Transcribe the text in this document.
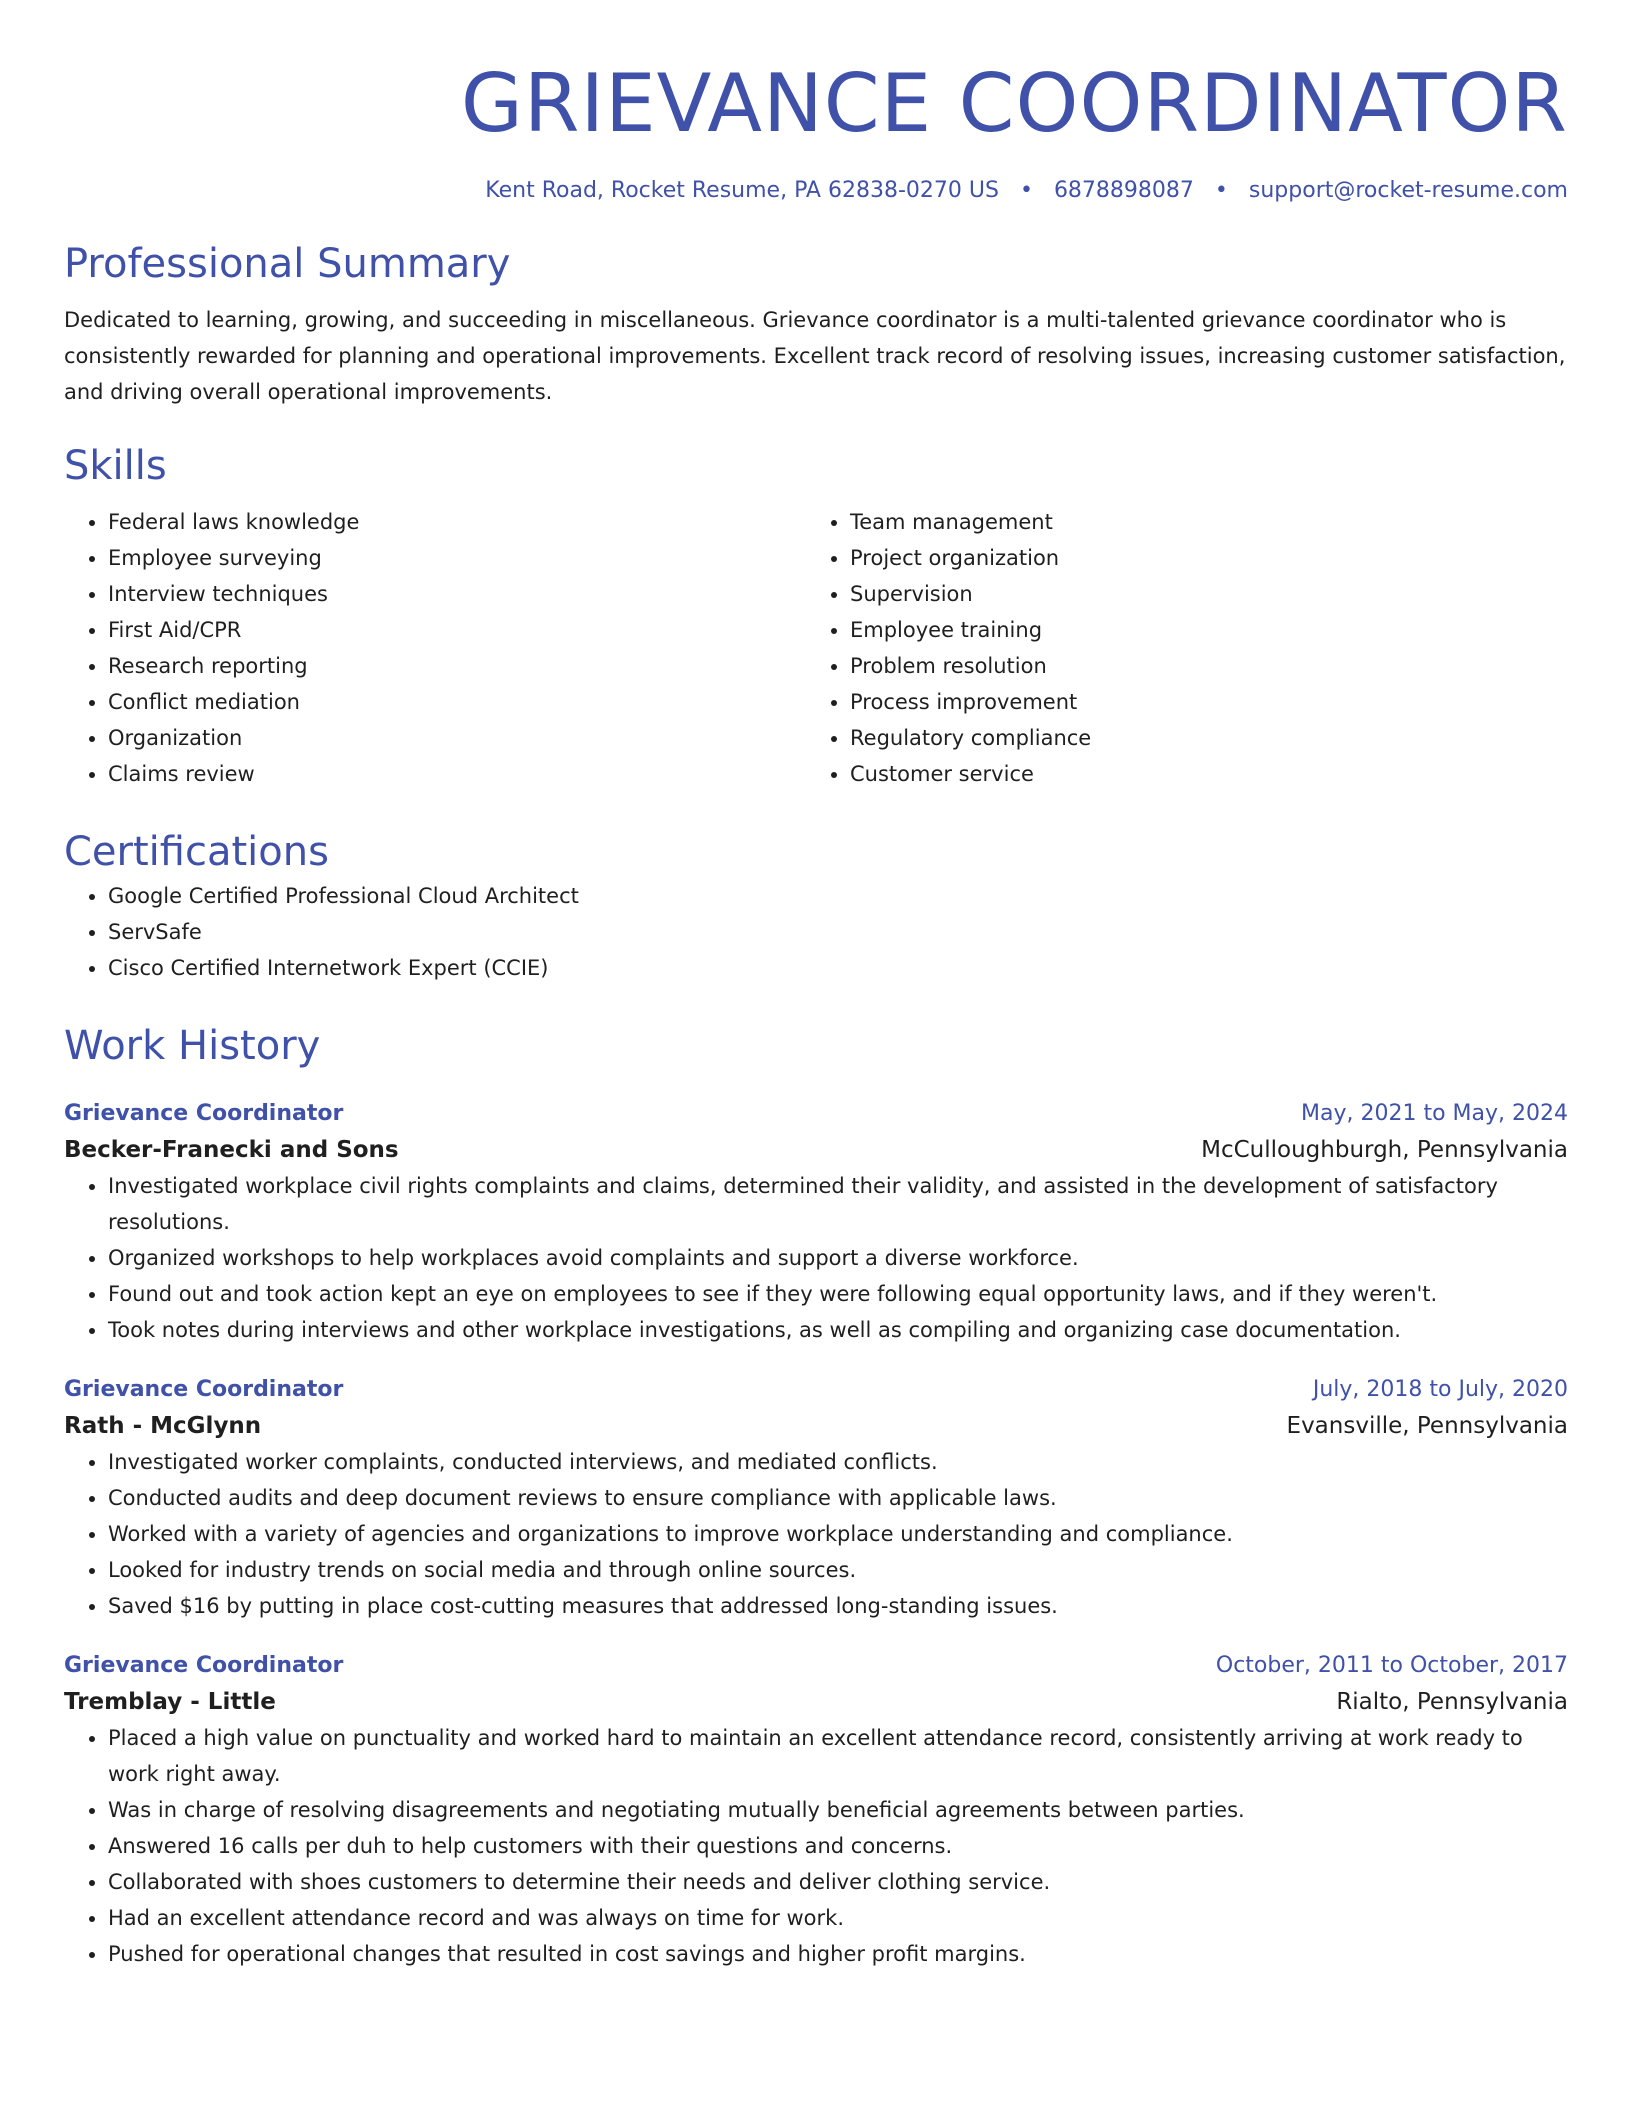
GRIEVANCE COORDINATOR
Kent Road, Rocket Resume, PA 62838-0270 US • 6878898087 • support@rocket-resume.com
Professional Summary

Dedicated to learning, growing, and succeeding in miscellaneous. Grievance coordinator is a multi-talented grievance coordinator who is consistently rewarded for planning and operational improvements. Excellent track record of resolving issues, increasing customer satisfaction, and driving overall operational improvements.

Skills
• Federal laws knowledge
• Employee surveying
• Interview techniques
• First Aid/CPR
• Research reporting
• Conflict mediation
• Organization
• Claims review
• Team management
• Project organization
• Supervision
• Employee training
• Problem resolution
• Process improvement
• Regulatory compliance
• Customer service
Certifications
• Google Certified Professional Cloud Architect
• ServSafe
• Cisco Certified Internetwork Expert (CCIE)
Work History
Grievance Coordinator	May, 2021 to May, 2024
Becker-Franecki and Sons	McCulloughburgh, Pennsylvania
• Investigated workplace civil rights complaints and claims, determined their validity, and assisted in the development of satisfactory resolutions.
• Organized workshops to help workplaces avoid complaints and support a diverse workforce.
• Found out and took action kept an eye on employees to see if they were following equal opportunity laws, and if they weren't.
• Took notes during interviews and other workplace investigations, as well as compiling and organizing case documentation.
Grievance Coordinator	July, 2018 to July, 2020
Rath - McGlynn	Evansville, Pennsylvania
• Investigated worker complaints, conducted interviews, and mediated conflicts.
• Conducted audits and deep document reviews to ensure compliance with applicable laws.
• Worked with a variety of agencies and organizations to improve workplace understanding and compliance.
• Looked for industry trends on social media and through online sources.
• Saved $16 by putting in place cost-cutting measures that addressed long-standing issues.
Grievance Coordinator	October, 2011 to October, 2017
Tremblay - Little	Rialto, Pennsylvania
• Placed a high value on punctuality and worked hard to maintain an excellent attendance record, consistently arriving at work ready to work right away.
• Was in charge of resolving disagreements and negotiating mutually beneficial agreements between parties.
• Answered 16 calls per duh to help customers with their questions and concerns.
• Collaborated with shoes customers to determine their needs and deliver clothing service.
• Had an excellent attendance record and was always on time for work.
• Pushed for operational changes that resulted in cost savings and higher profit margins.
